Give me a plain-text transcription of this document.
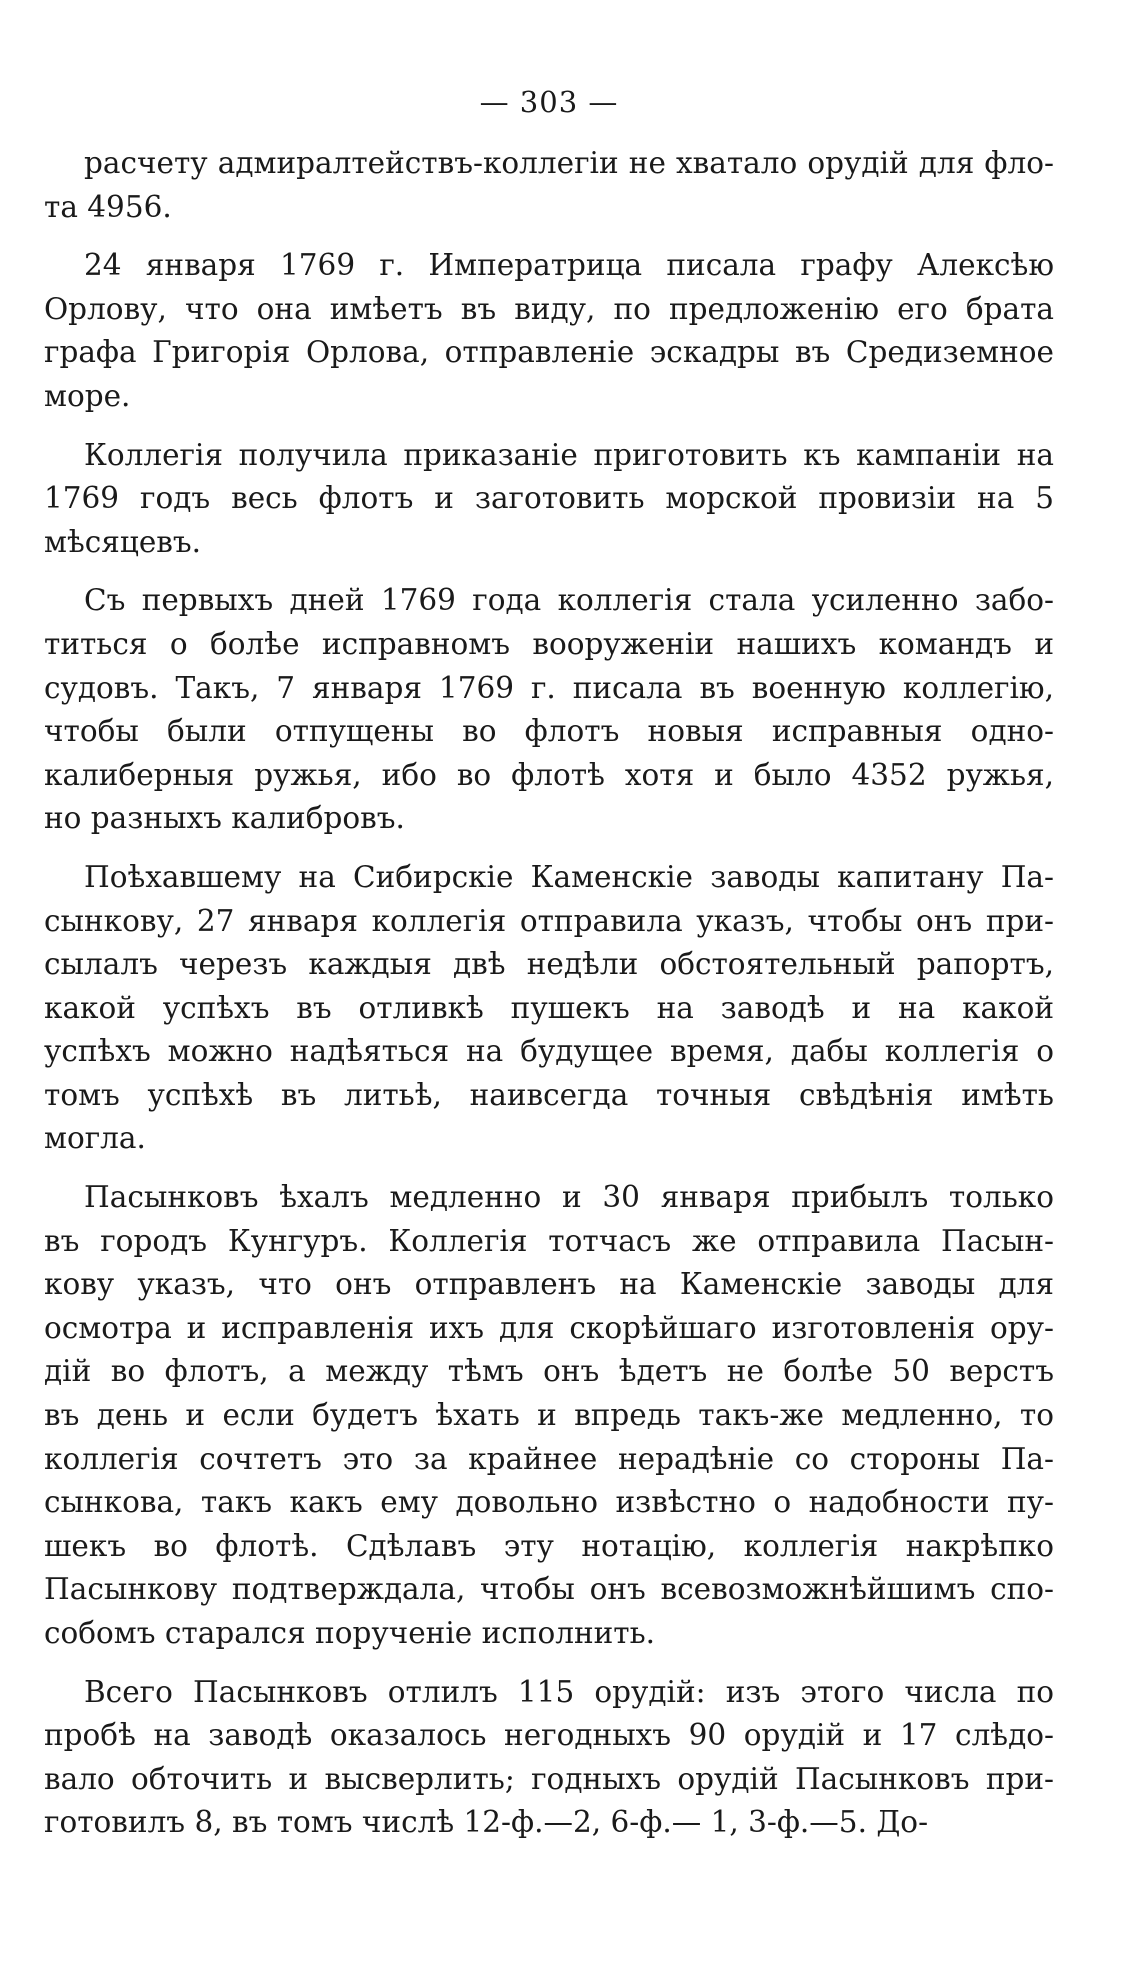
— 303 —
расчету адмиралтействъ-коллегіи не хватало орудій для фло-
та 4956.
24 января 1769 г. Императрица писала графу Алексѣю
Орлову, что она имѣетъ въ виду, по предложенію его брата
графа Григорія Орлова, отправленіе эскадры въ Средиземное
море.
Коллегія получила приказаніе приготовить къ кампаніи на
1769 годъ весь флотъ и заготовить морской провизіи на 5
мѣсяцевъ.
Съ первыхъ дней 1769 года коллегія стала усиленно забо-
титься о болѣе исправномъ вооруженіи нашихъ командъ и
судовъ. Такъ, 7 января 1769 г. писала въ военную коллегію,
чтобы были отпущены во флотъ новыя исправныя одно-
калиберныя ружья, ибо во флотѣ хотя и было 4352 ружья,
но разныхъ калибровъ.
Поѣхавшему на Сибирскіе Каменскіе заводы капитану Па-
сынкову, 27 января коллегія отправила указъ, чтобы онъ при-
сылалъ черезъ каждыя двѣ недѣли обстоятельный рапортъ,
какой успѣхъ въ отливкѣ пушекъ на заводѣ и на какой
успѣхъ можно надѣяться на будущее время, дабы коллегія о
томъ успѣхѣ въ литьѣ, наивсегда точныя свѣдѣнія имѣть
могла.
Пасынковъ ѣхалъ медленно и 30 января прибылъ только
въ городъ Кунгуръ. Коллегія тотчасъ же отправила Пасын-
кову указъ, что онъ отправленъ на Каменскіе заводы для
осмотра и исправленія ихъ для скорѣйшаго изготовленія ору-
дій во флотъ, а между тѣмъ онъ ѣдетъ не болѣе 50 верстъ
въ день и если будетъ ѣхать и впредь такъ-же медленно, то
коллегія сочтетъ это за крайнее нерадѣніе со стороны Па-
сынкова, такъ какъ ему довольно извѣстно о надобности пу-
шекъ во флотѣ. Сдѣлавъ эту нотацію, коллегія накрѣпко
Пасынкову подтверждала, чтобы онъ всевозможнѣйшимъ спо-
собомъ старался порученіе исполнить.
Всего Пасынковъ отлилъ 115 орудій: изъ этого числа по
пробѣ на заводѣ оказалось негодныхъ 90 орудій и 17 слѣдо-
вало обточить и высверлить; годныхъ орудій Пасынковъ при-
готовилъ 8, въ томъ числѣ 12-ф.—2, 6-ф.— 1, 3-ф.—5. До-
